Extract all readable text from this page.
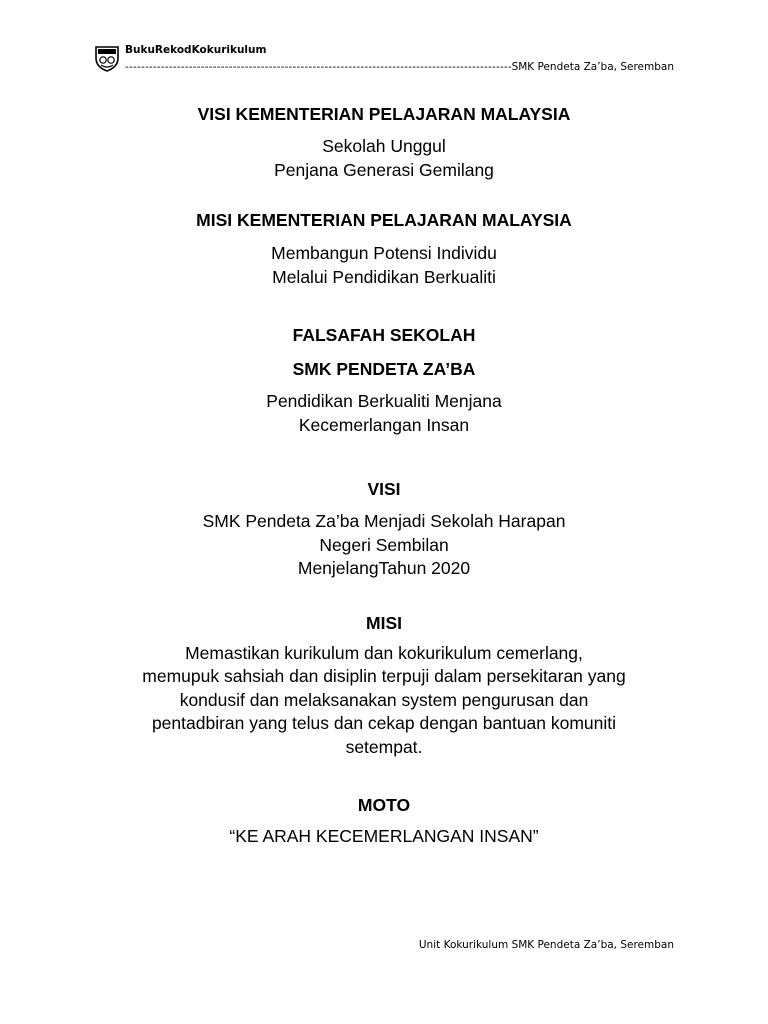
BukuRekodKokurikulum
-----
SMK Pendeta Za’ba, Seremban
VISI KEMENTERIAN PELAJARAN MALAYSIA

Sekolah Unggul

Penjana Generasi Gemilang

MISI KEMENTERIAN PELAJARAN MALAYSIA

Membangun Potensi Individu

Melalui Pendidikan Berkualiti

FALSAFAH SEKOLAH
SMK PENDETA ZA’BA

Pendidikan Berkualiti Menjana

Kecemerlangan Insan

VISI

SMK Pendeta Za’ba Menjadi Sekolah Harapan

Negeri Sembilan

MenjelangTahun 2020

MISI

Memastikan kurikulum dan kokurikulum cemerlang,

memupuk sahsiah dan disiplin terpuji dalam persekitaran yang

kondusif dan melaksanakan system pengurusan dan

pentadbiran yang telus dan cekap dengan bantuan komuniti

setempat.

MOTO

“KE ARAH KECEMERLANGAN INSAN”

Unit Kokurikulum SMK Pendeta Za’ba, Seremban
